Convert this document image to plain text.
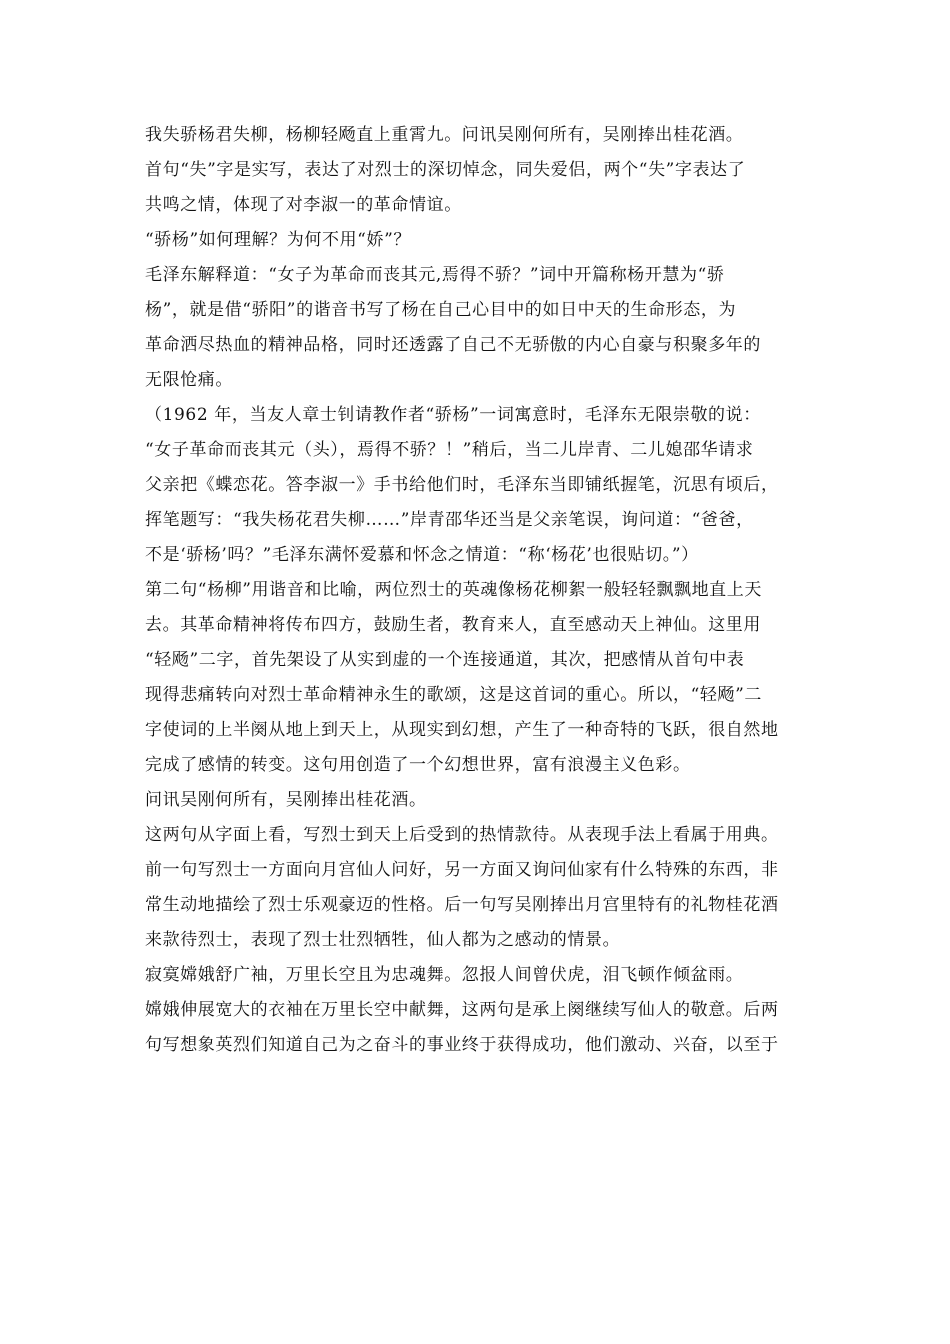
我失骄杨君失柳，杨柳轻飏直上重霄九。问讯吴刚何所有，吴刚捧出桂花酒。
首句“失”字是实写，表达了对烈士的深切悼念，同失爱侣，两个“失”字表达了
共鸣之情，体现了对李淑一的革命情谊。
“骄杨”如何理解？为何不用“娇”？
毛泽东解释道：“女子为革命而丧其元,焉得不骄？”词中开篇称杨开慧为“骄
杨”，就是借“骄阳”的谐音书写了杨在自己心目中的如日中天的生命形态，为
革命洒尽热血的精神品格，同时还透露了自己不无骄傲的内心自豪与积聚多年的
无限怆痛。
（1962 年，当友人章士钊请教作者“骄杨”一词寓意时，毛泽东无限崇敬的说：
“女子革命而丧其元（头），焉得不骄？！”稍后，当二儿岸青、二儿媳邵华请求
父亲把《蝶恋花。答李淑一》手书给他们时，毛泽东当即铺纸握笔，沉思有顷后，
挥笔题写：“我失杨花君失柳……”岸青邵华还当是父亲笔误，询问道：“爸爸，
不是‘骄杨’吗？”毛泽东满怀爱慕和怀念之情道：“称‘杨花’也很贴切。”）
第二句“杨柳”用谐音和比喻，两位烈士的英魂像杨花柳絮一般轻轻飘飘地直上天
去。其革命精神将传布四方，鼓励生者，教育来人，直至感动天上神仙。这里用
“轻飏”二字，首先架设了从实到虚的一个连接通道，其次，把感情从首句中表
现得悲痛转向对烈士革命精神永生的歌颂，这是这首词的重心。所以，“轻飏”二
字使词的上半阕从地上到天上，从现实到幻想，产生了一种奇特的飞跃，很自然地
完成了感情的转变。这句用创造了一个幻想世界，富有浪漫主义色彩。
问讯吴刚何所有，吴刚捧出桂花酒。
这两句从字面上看，写烈士到天上后受到的热情款待。从表现手法上看属于用典。
前一句写烈士一方面向月宫仙人问好，另一方面又询问仙家有什么特殊的东西，非
常生动地描绘了烈士乐观豪迈的性格。后一句写吴刚捧出月宫里特有的礼物桂花酒
来款待烈士，表现了烈士壮烈牺牲，仙人都为之感动的情景。
寂寞嫦娥舒广袖，万里长空且为忠魂舞。忽报人间曾伏虎，泪飞顿作倾盆雨。
嫦娥伸展宽大的衣袖在万里长空中献舞，这两句是承上阕继续写仙人的敬意。后两
句写想象英烈们知道自己为之奋斗的事业终于获得成功，他们激动、兴奋，以至于
